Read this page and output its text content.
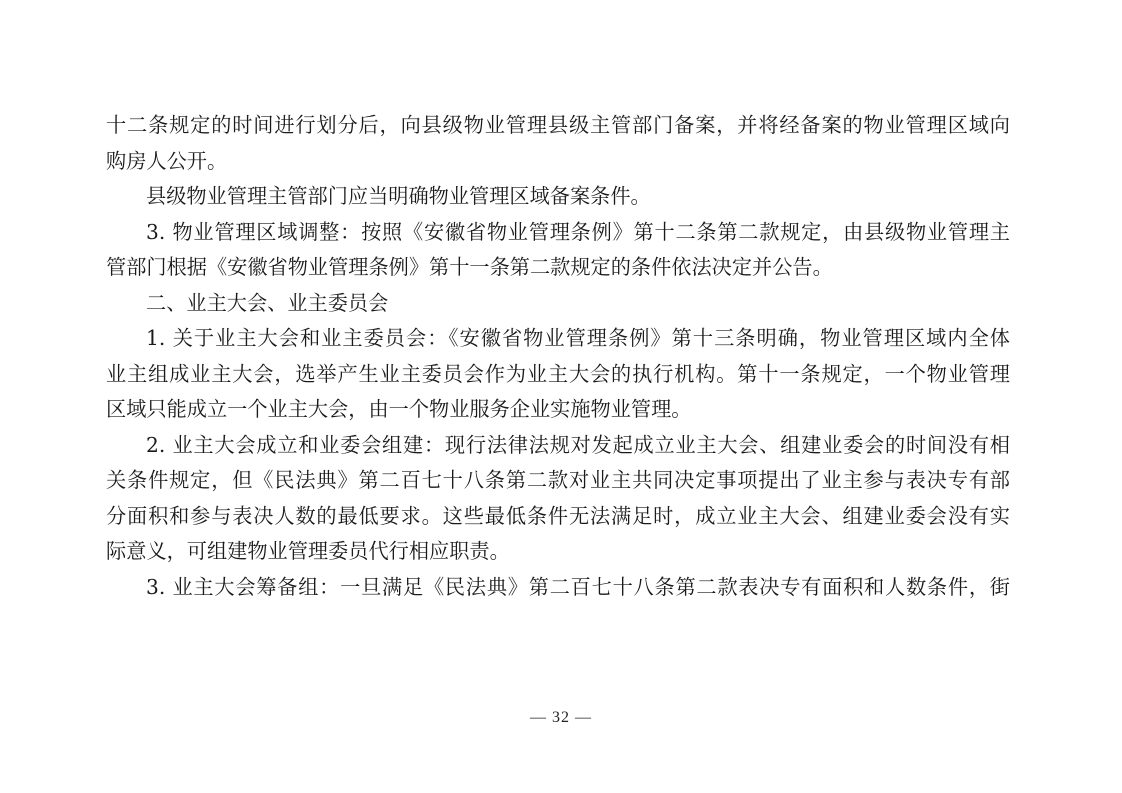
十二条规定的时间进行划分后，向县级物业管理县级主管部门备案，并将经备案的物业管理区域向

购房人公开。

县级物业管理主管部门应当明确物业管理区域备案条件。

3. 物业管理区域调整：按照《安徽省物业管理条例》第十二条第二款规定，由县级物业管理主

管部门根据《安徽省物业管理条例》第十一条第二款规定的条件依法决定并公告。

二、业主大会、业主委员会

1. 关于业主大会和业主委员会：《安徽省物业管理条例》第十三条明确，物业管理区域内全体

业主组成业主大会，选举产生业主委员会作为业主大会的执行机构。第十一条规定，一个物业管理

区域只能成立一个业主大会，由一个物业服务企业实施物业管理。

2. 业主大会成立和业委会组建：现行法律法规对发起成立业主大会、组建业委会的时间没有相

关条件规定，但《民法典》第二百七十八条第二款对业主共同决定事项提出了业主参与表决专有部

分面积和参与表决人数的最低要求。这些最低条件无法满足时，成立业主大会、组建业委会没有实

际意义，可组建物业管理委员代行相应职责。

3. 业主大会筹备组：一旦满足《民法典》第二百七十八条第二款表决专有面积和人数条件，街

— 32 —
